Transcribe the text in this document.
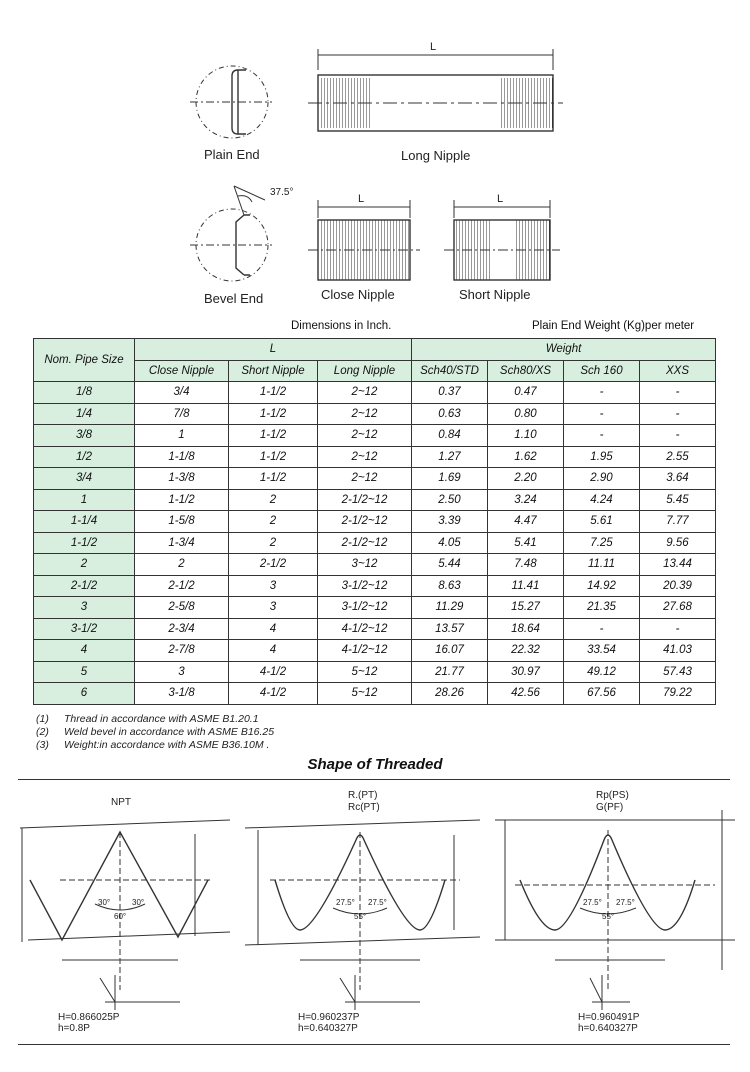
Plain End	Long Nipple
Bevel End	Close Nipple	Short Nipple
L
L	L
37.5°
Dimensions in Inch.	Plain End Weight (Kg)per meter
Nom. Pipe Size	L			Weight			
	Close Nipple	Short Nipple	Long Nipple	Sch40/STD	Sch80/XS	Sch 160	XXS
1/8	3/4	1-1/2	2~12	0.37	0.47	-	-
1/4	7/8	1-1/2	2~12	0.63	0.80	-	-
3/8	1	1-1/2	2~12	0.84	1.10	-	-
1/2	1-1/8	1-1/2	2~12	1.27	1.62	1.95	2.55
3/4	1-3/8	1-1/2	2~12	1.69	2.20	2.90	3.64
1	1-1/2	2	2-1/2~12	2.50	3.24	4.24	5.45
1-1/4	1-5/8	2	2-1/2~12	3.39	4.47	5.61	7.77
1-1/2	1-3/4	2	2-1/2~12	4.05	5.41	7.25	9.56
2	2	2-1/2	3~12	5.44	7.48	11.11	13.44
2-1/2	2-1/2	3	3-1/2~12	8.63	11.41	14.92	20.39
3	2-5/8	3	3-1/2~12	11.29	15.27	21.35	27.68
3-1/2	2-3/4	4	4-1/2~12	13.57	18.64	-	-
4	2-7/8	4	4-1/2~12	16.07	22.32	33.54	41.03
5	3	4-1/2	5~12	21.77	30.97	49.12	57.43
6	3-1/8	4-1/2	5~12	28.26	42.56	67.56	79.22
(1) Thread in accordance with ASME B1.20.1
(2) Weld bevel in accordance with ASME B16.25
(3) Weight:in accordance with ASME B36.10M .
Shape of Threaded
NPT
30°	30°
60°
H=0.866025P
h=0.8P
R.(PT)
Rc(PT)
27.5° 27.5°
55°
H=0.960237P
h=0.640327P
Rp(PS)
G(PF)
27.5° 27.5°
55°
H=0.960491P
h=0.640327P
